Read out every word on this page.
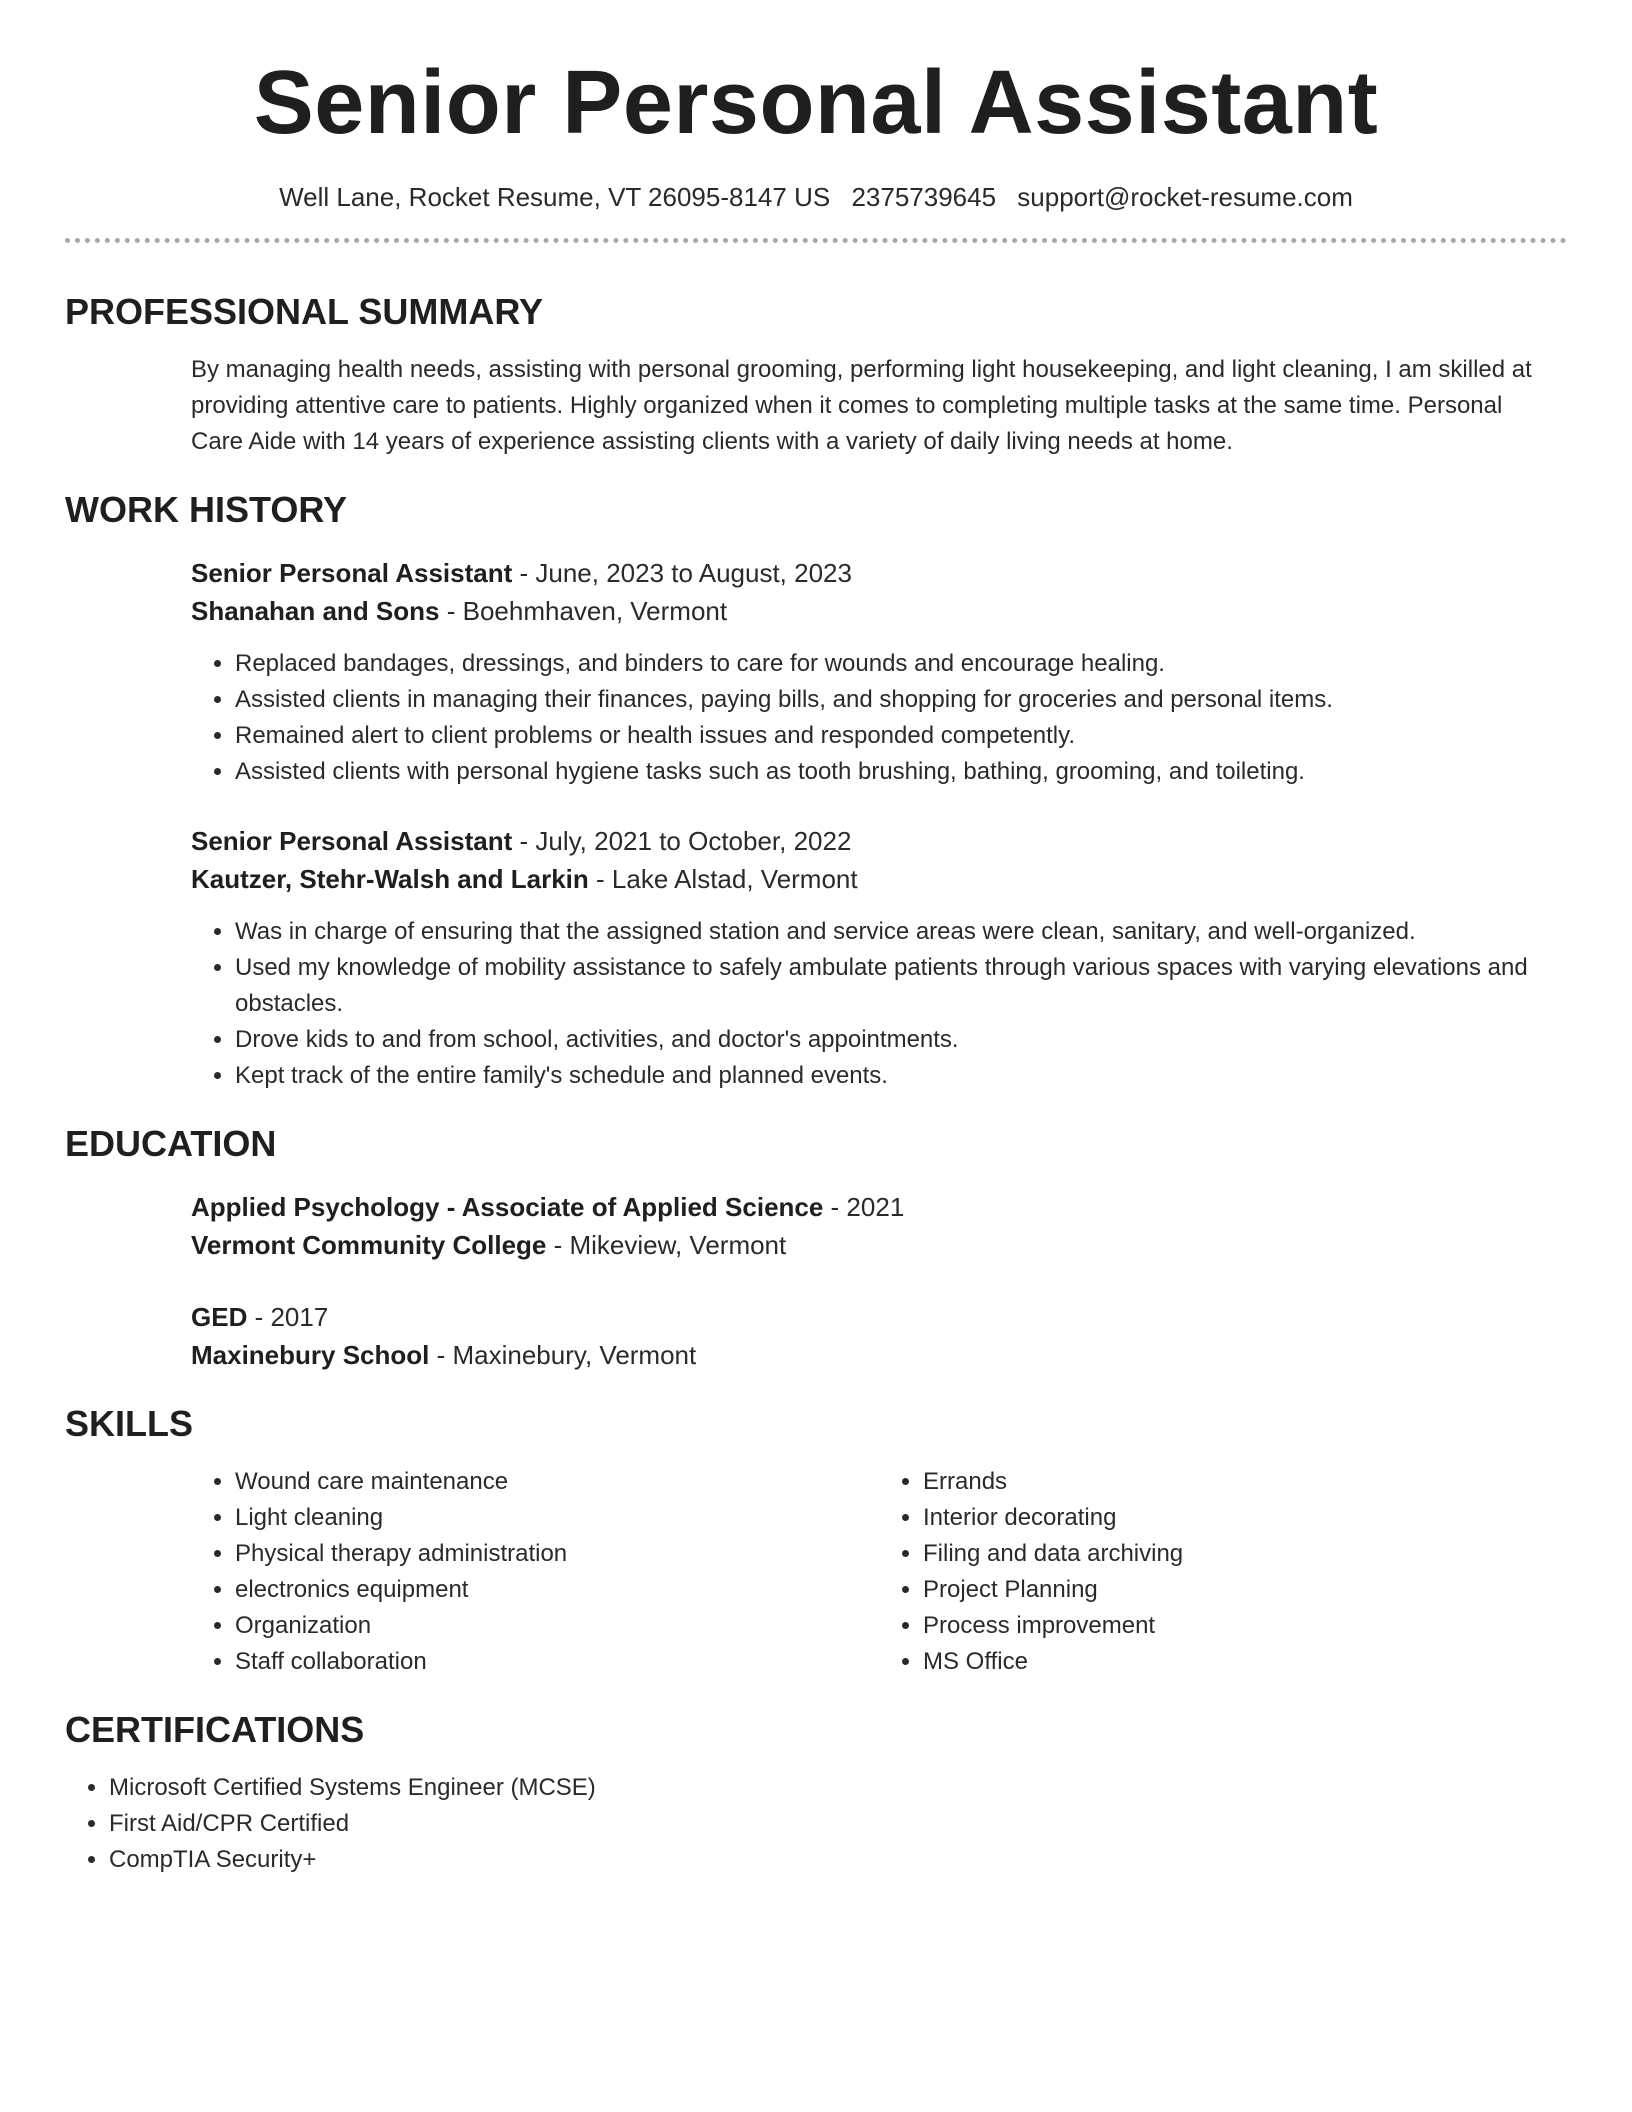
Senior Personal Assistant
Well Lane, Rocket Resume, VT 26095-8147 US 2375739645 support@rocket-resume.com
PROFESSIONAL SUMMARY

By managing health needs, assisting with personal grooming, performing light housekeeping, and light cleaning, I am skilled at providing attentive care to patients. Highly organized when it comes to completing multiple tasks at the same time. Personal Care Aide with 14 years of experience assisting clients with a variety of daily living needs at home.

WORK HISTORY
Senior Personal Assistant - June, 2023 to August, 2023
Shanahan and Sons - Boehmhaven, Vermont
• Replaced bandages, dressings, and binders to care for wounds and encourage healing.
• Assisted clients in managing their finances, paying bills, and shopping for groceries and personal items.
• Remained alert to client problems or health issues and responded competently.
• Assisted clients with personal hygiene tasks such as tooth brushing, bathing, grooming, and toileting.
Senior Personal Assistant - July, 2021 to October, 2022
Kautzer, Stehr-Walsh and Larkin - Lake Alstad, Vermont
• Was in charge of ensuring that the assigned station and service areas were clean, sanitary, and well-organized.
• Used my knowledge of mobility assistance to safely ambulate patients through various spaces with varying elevations and obstacles.
• Drove kids to and from school, activities, and doctor's appointments.
• Kept track of the entire family's schedule and planned events.
EDUCATION
Applied Psychology - Associate of Applied Science - 2021
Vermont Community College - Mikeview, Vermont
GED - 2017
Maxinebury School - Maxinebury, Vermont
SKILLS
• Wound care maintenance
• Light cleaning
• Physical therapy administration
• electronics equipment
• Organization
• Staff collaboration
• Errands
• Interior decorating
• Filing and data archiving
• Project Planning
• Process improvement
• MS Office
CERTIFICATIONS
• Microsoft Certified Systems Engineer (MCSE)
• First Aid/CPR Certified
• CompTIA Security+
